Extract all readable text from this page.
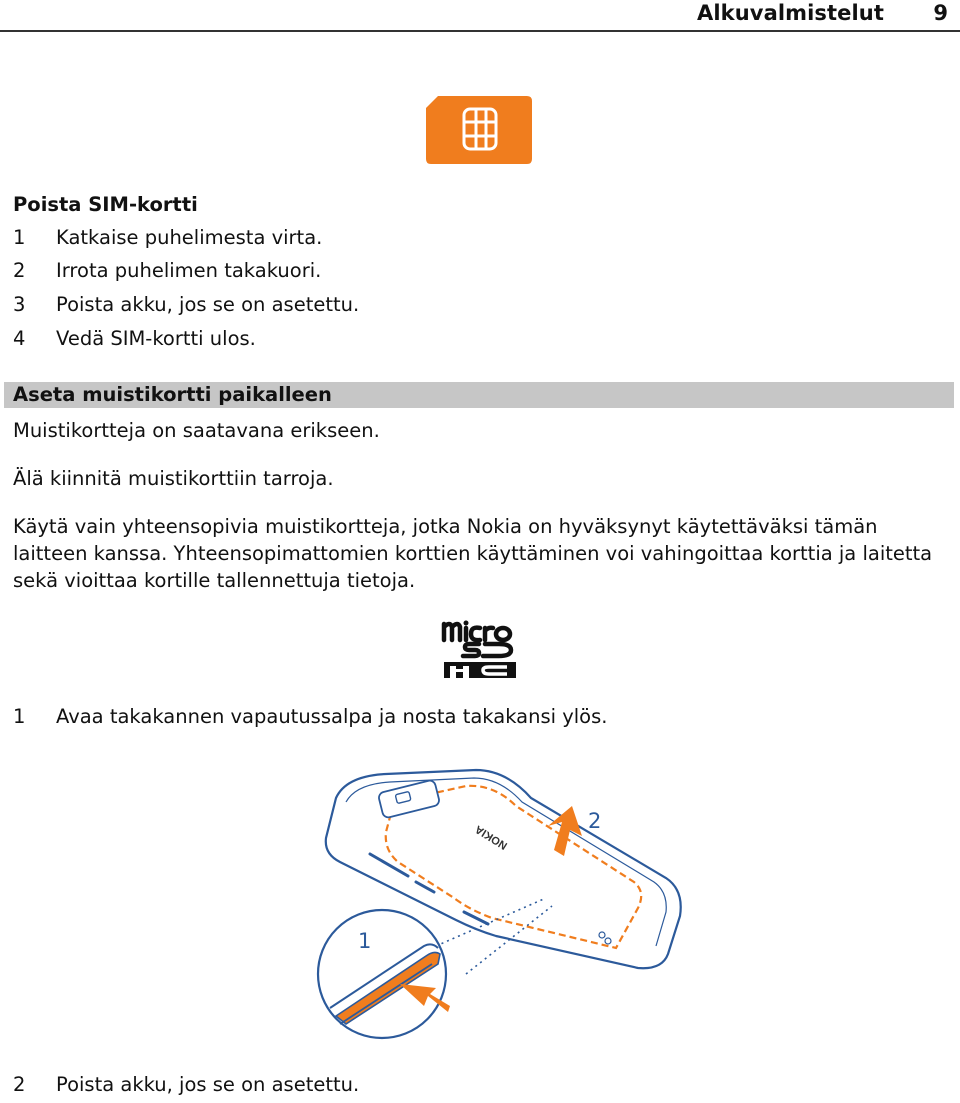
Alkuvalmistelut 9
Poista SIM-kortti
1 Katkaise puhelimesta virta.
2 Irrota puhelimen takakuori.
3 Poista akku, jos se on asetettu.
4 Vedä SIM-kortti ulos.
Aseta muistikortti paikalleen
Muistikortteja on saatavana erikseen.
Älä kiinnitä muistikorttiin tarroja.
Käytä vain yhteensopivia muistikortteja, jotka Nokia on hyväksynyt käytettäväksi tämän laitteen kanssa. Yhteensopimattomien korttien käyttäminen voi vahingoittaa korttia ja laitetta sekä vioittaa kortille tallennettuja tietoja.
1 Avaa takakannen vapautussalpa ja nosta takakansi ylös.
NOKIA
2
1
2 Poista akku, jos se on asetettu.
